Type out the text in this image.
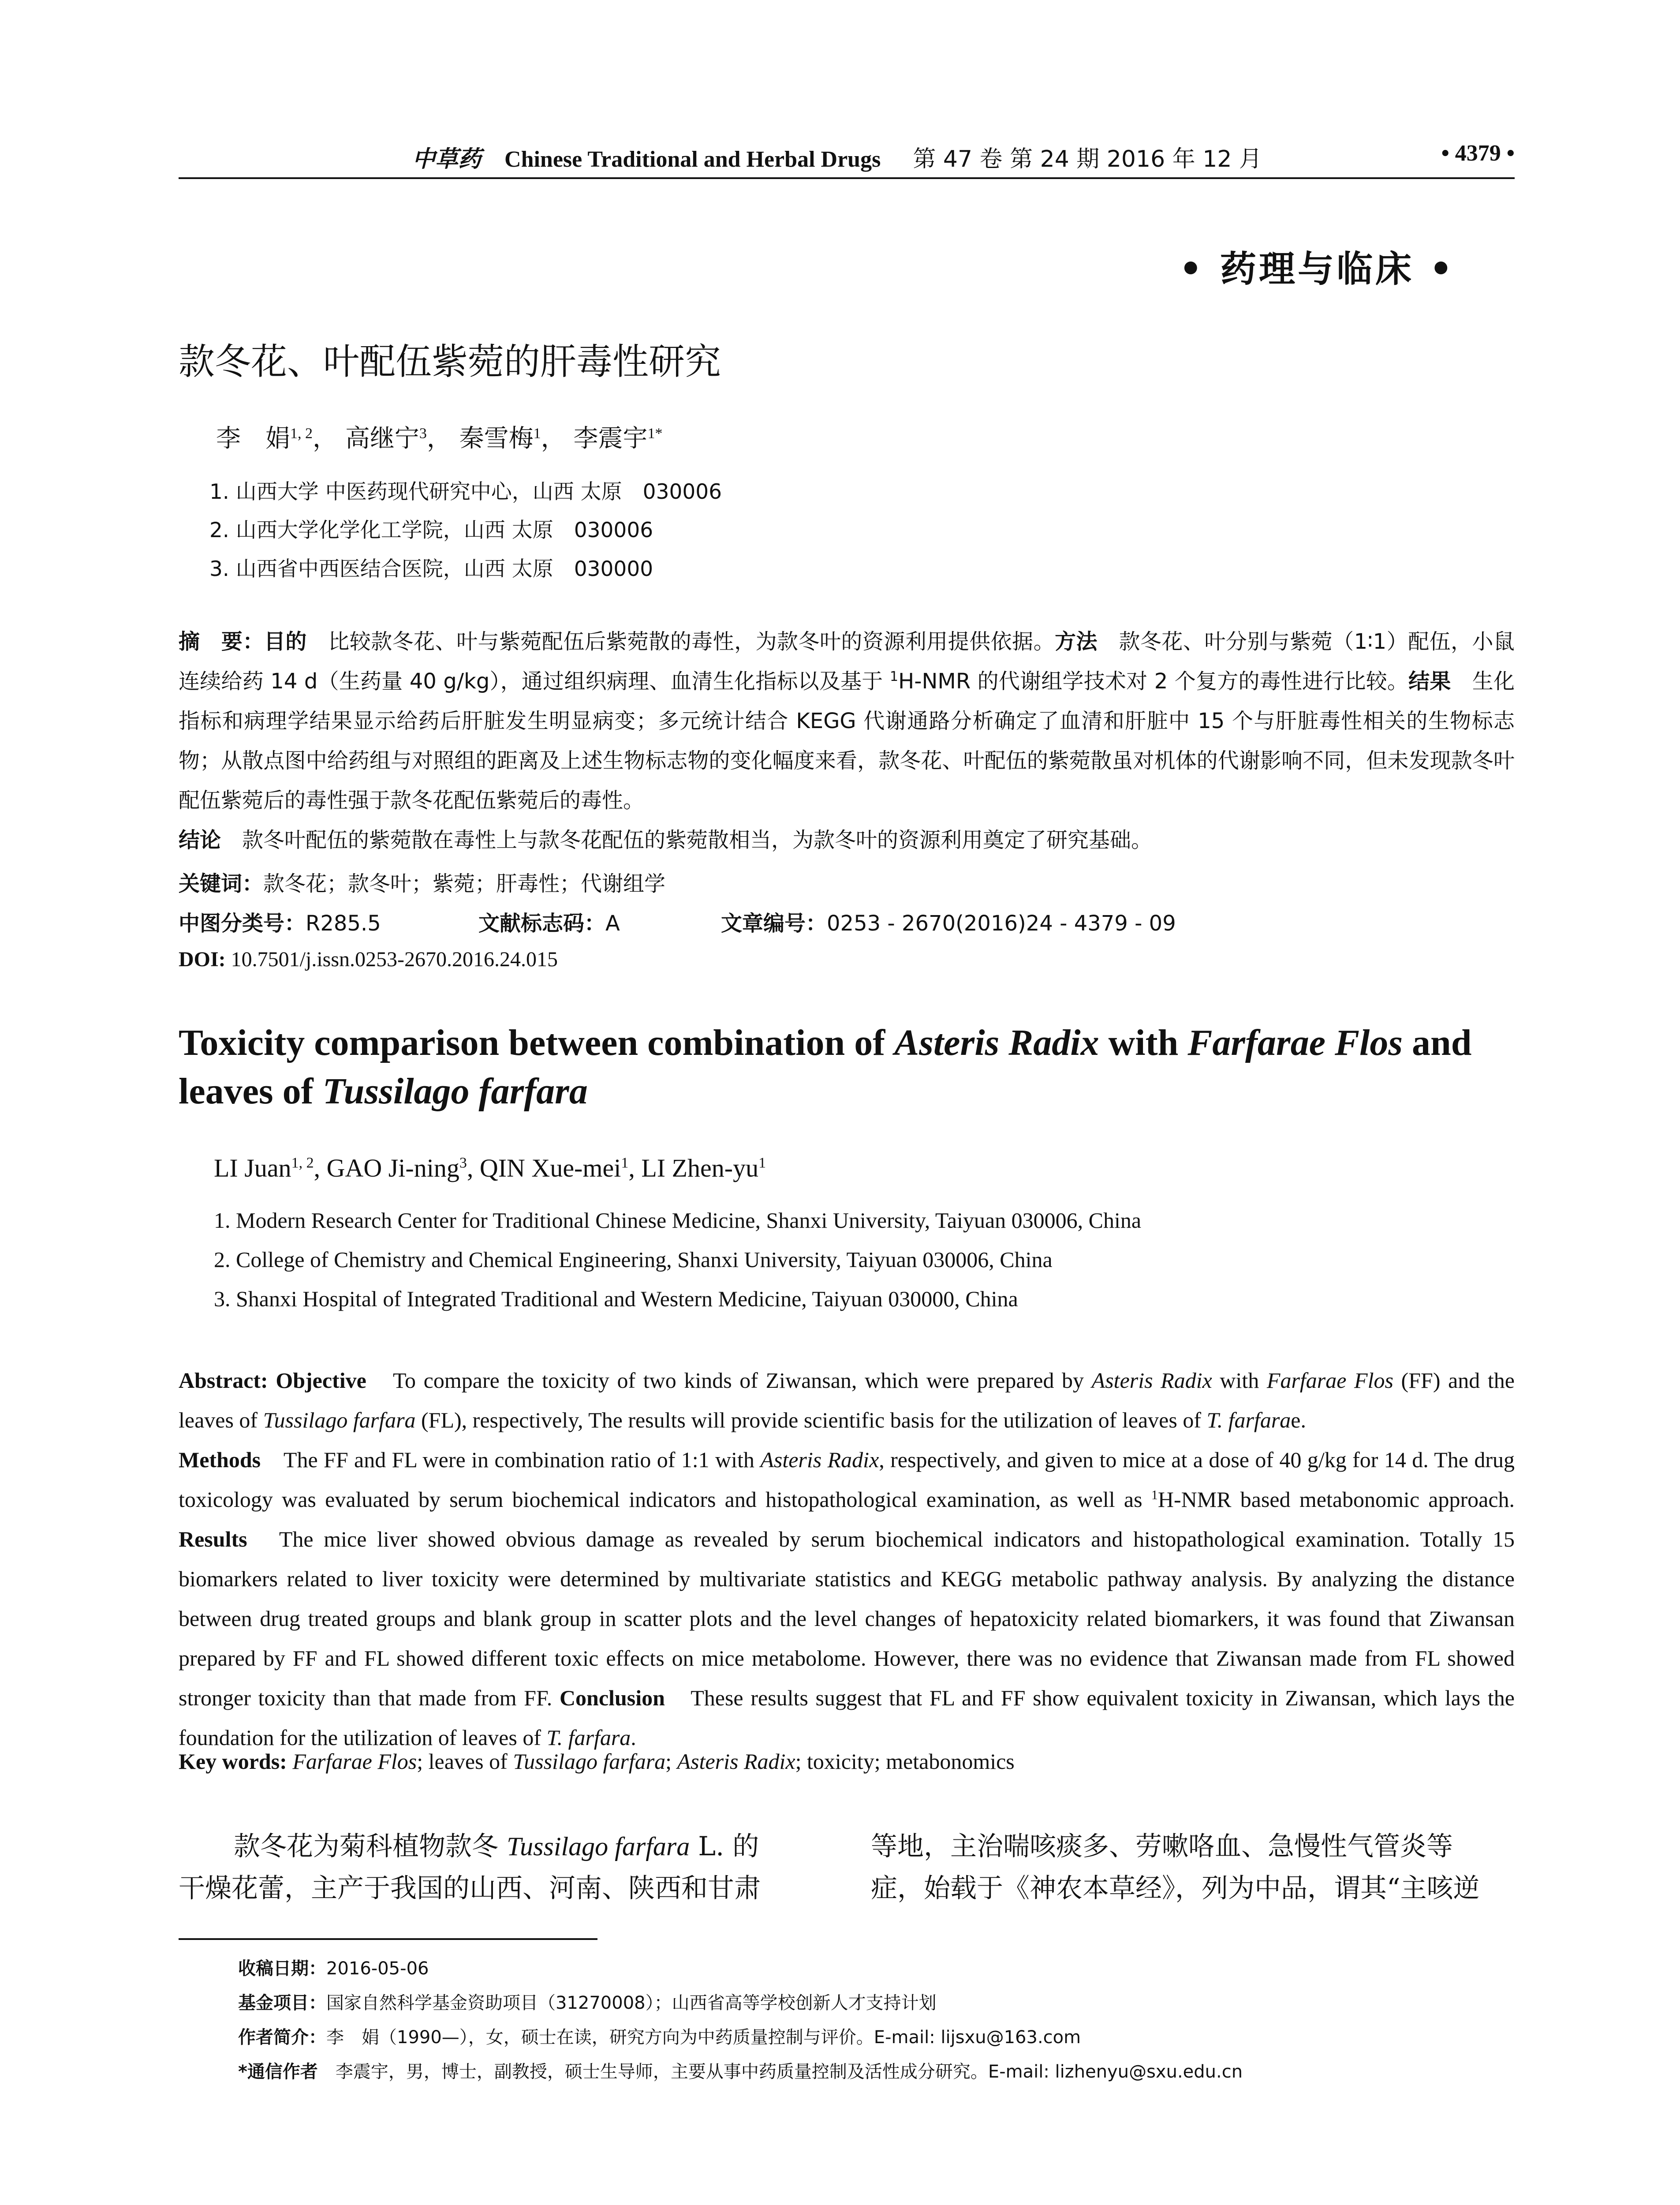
中草药 Chinese Traditional and Herbal Drugs 第 47 卷 第 24 期 2016 年 12 月	• 4379 •
• 药理与临床 •
款冬花、叶配伍紫菀的肝毒性研究
李　娟$^{1, 2}$， 高继宁$^3$， 秦雪梅$^1$， 李震宇$^{1*}$
1. 山西大学 中医药现代研究中心，山西 太原　030006
2. 山西大学化学化工学院，山西 太原　030006
3. 山西省中西医结合医院，山西 太原　030000
摘　要：目的　比较款冬花、叶与紫菀配伍后紫菀散的毒性，为款冬叶的资源利用提供依据。方法　款冬花、叶分别与紫菀（1∶1）配伍，小鼠连续给药 14 d（生药量 40 g/kg），通过组织病理、血清生化指标以及基于 $^1$H-NMR 的代谢组学技术对 2 个复方的毒性进行比较。结果　生化指标和病理学结果显示给药后肝脏发生明显病变；多元统计结合 KEGG 代谢通路分析确定了血清和肝脏中 15 个与肝脏毒性相关的生物标志物；从散点图中给药组与对照组的距离及上述生物标志物的变化幅度来看，款冬花、叶配伍的紫菀散虽对机体的代谢影响不同，但未发现款冬叶配伍紫菀后的毒性强于款冬花配伍紫菀后的毒性。
结论　款冬叶配伍的紫菀散在毒性上与款冬花配伍的紫菀散相当，为款冬叶的资源利用奠定了研究基础。
关键词：款冬花；款冬叶；紫菀；肝毒性；代谢组学
中图分类号：R285.5	文献标志码：A	文章编号：0253 - 2670(2016)24 - 4379 - 09
DOI: 10.7501/j.issn.0253-2670.2016.24.015
Toxicity comparison between combination of Asteris Radix with Farfarae Flos and leaves of Tussilago farfara
LI Juan$^{1, 2}$, GAO Ji-ning$^3$, QIN Xue-mei$^1$, LI Zhen-$yu^1$
1. Modern Research Center for Traditional Chinese Medicine, Shanxi University, Taiyuan 030006, China
2. College of Chemistry and Chemical Engineering, Shanxi University, Taiyuan 030006, China
3. Shanxi Hospital of Integrated Traditional and Western Medicine, Taiyuan 030000, China
Abstract: Objective　To compare the toxicity of two kinds of Ziwansan, which were prepared by Asteris Radix with Farfarae Flos (FF) and the leaves of Tussilago farfara (FL), respectively, The results will provide scientific basis for the utilization of leaves of T. farfarae.
Methods　The FF and FL were in combination ratio of 1:1 with Asteris Radix, respectively, and given to mice at a dose of 40 g/kg for 14 d. The drug toxicology was evaluated by serum biochemical indicators and histopathological examination, as well as $^1$H-NMR based metabonomic approach. Results　The mice liver showed obvious damage as revealed by serum biochemical indicators and histopathological examination. Totally 15 biomarkers related to liver toxicity were determined by multivariate statistics and KEGG metabolic pathway analysis. By analyzing the distance between drug treated groups and blank group in scatter plots and the level changes of hepatoxicity related biomarkers, it was found that Ziwansan prepared by FF and FL showed different toxic effects on mice metabolome. However, there was no evidence that Ziwansan made from FL showed stronger toxicity than that made from FF. Conclusion　These results suggest that FL and FF show equivalent toxicity in Ziwansan, which lays the foundation for the utilization of leaves of T. farfara.
Key words: Farfarae Flos; leaves of Tussilago farfara; Asteris Radix; toxicity; metabonomics
款冬花为菊科植物款冬 Tussilago farfara L. 的
干燥花蕾，主产于我国的山西、河南、陕西和甘肃
等地，主治喘咳痰多、劳嗽咯血、急慢性气管炎等
症，始载于《神农本草经》，列为中品，谓其“主咳逆
收稿日期：2016-05-06
基金项目：国家自然科学基金资助项目（31270008）；山西省高等学校创新人才支持计划
作者简介：李　娟（1990—），女，硕士在读，研究方向为中药质量控制与评价。E-mail: lijsxu@163.com
*通信作者　李震宇，男，博士，副教授，硕士生导师，主要从事中药质量控制及活性成分研究。E-mail: lizhenyu@sxu.edu.cn
